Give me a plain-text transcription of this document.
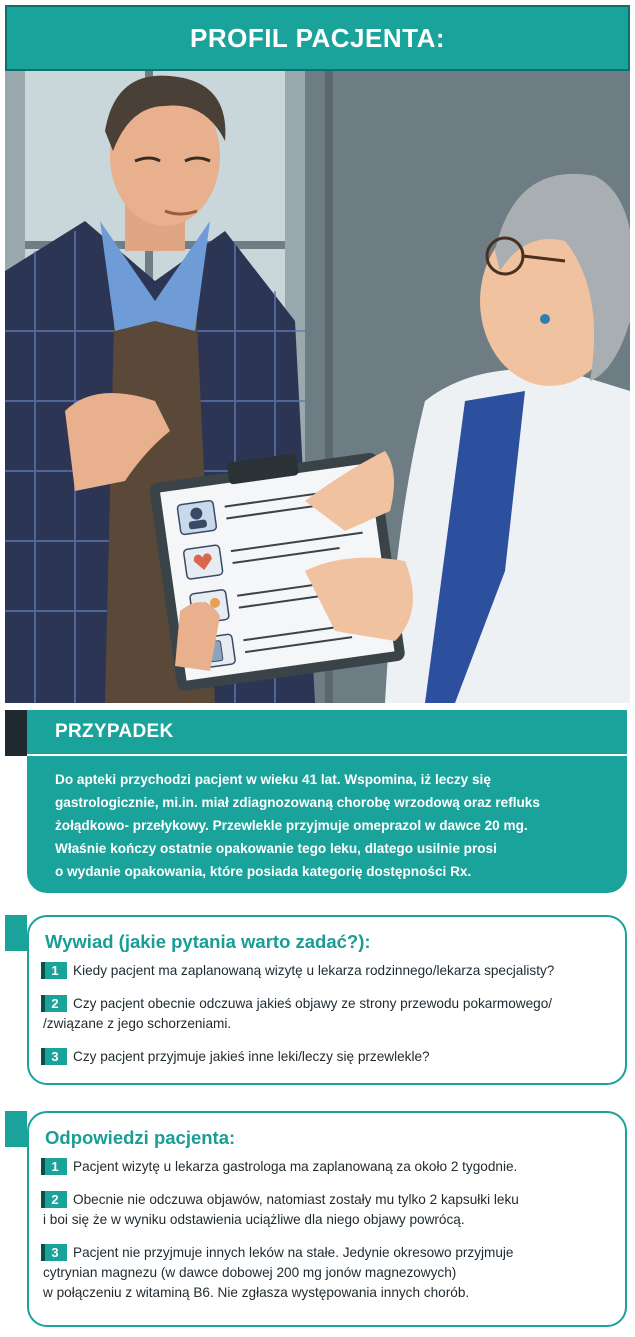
PROFIL PACJENTA:
PRZYPADEK
Do apteki przychodzi pacjent w wieku 41 lat. Wspomina, iż leczy się
gastrologicznie, mi.in. miał zdiagnozowaną chorobę wrzodową oraz refluks
żołądkowo- przełykowy. Przewlekle przyjmuje omeprazol w dawce 20 mg.
Właśnie kończy ostatnie opakowanie tego leku, dlatego usilnie prosi
o wydanie opakowania, które posiada kategorię dostępności Rx.
Wywiad (jakie pytania warto zadać?):
1 Kiedy pacjent ma zaplanowaną wizytę u lekarza rodzinnego/lekarza specjalisty?
2 Czy pacjent obecnie odczuwa jakieś objawy ze strony przewodu pokarmowego/
/związane z jego schorzeniami.
3 Czy pacjent przyjmuje jakieś inne leki/leczy się przewlekle?
Odpowiedzi pacjenta:
1 Pacjent wizytę u lekarza gastrologa ma zaplanowaną za około 2 tygodnie.
2 Obecnie nie odczuwa objawów, natomiast zostały mu tylko 2 kapsułki leku
i boi się że w wyniku odstawienia uciążliwe dla niego objawy powrócą.
3 Pacjent nie przyjmuje innych leków na stałe. Jedynie okresowo przyjmuje
cytrynian magnezu (w dawce dobowej 200 mg jonów magnezowych)
w połączeniu z witaminą B6. Nie zgłasza występowania innych chorób.
